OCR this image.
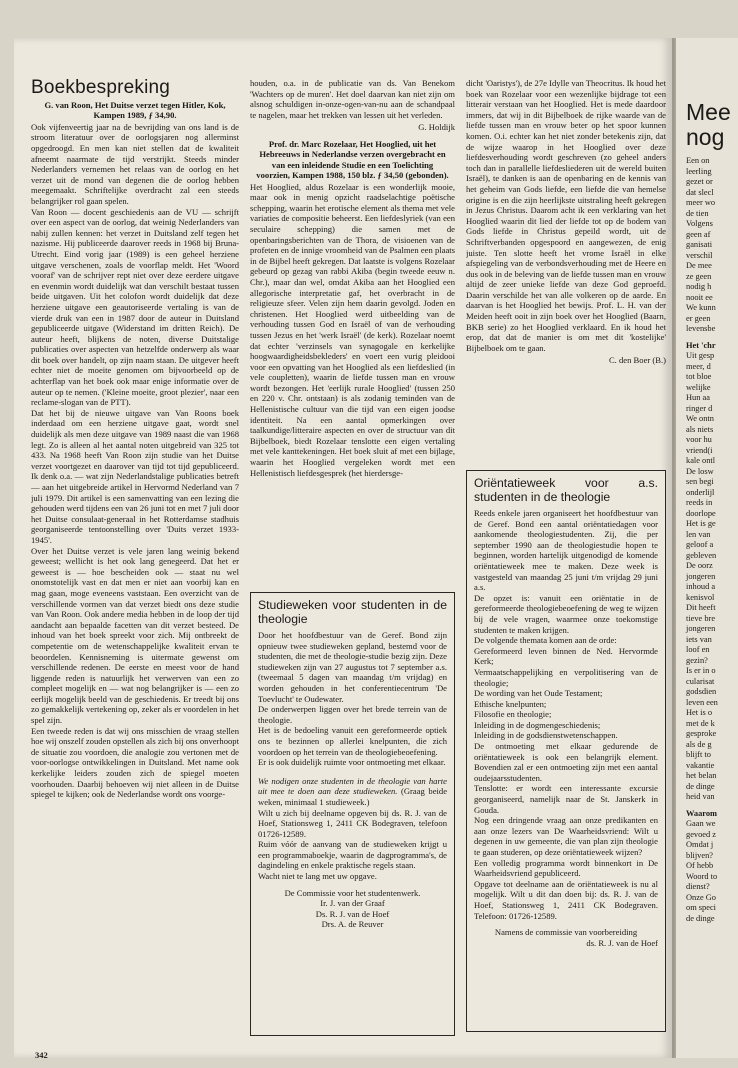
Boekbespreking
G. van Roon, Het Duitse verzet tegen Hitler, Kok, Kampen 1989, ƒ 34,90.

Ook vijfenveertig jaar na de bevrijding van ons land is de stroom literatuur over de oorlogsjaren nog allerminst opgedroogd. En men kan niet stellen dat de kwaliteit afneemt naarmate de tijd verstrijkt. Steeds minder Nederlanders vernemen het relaas van de oorlog en het verzet uit de mond van degenen die de oorlog hebben meegemaakt. Schriftelijke overdracht zal een steeds belangrijker rol gaan spelen.

Van Roon — docent geschiedenis aan de VU — schrijft over een aspect van de oorlog, dat weinig Nederlanders van nabij zullen kennen: het verzet in Duitsland zelf tegen het nazisme. Hij publiceerde daarover reeds in 1968 bij Bruna-Utrecht. Eind vorig jaar (1989) is een geheel herziene uitgave verschenen, zoals de voorflap meldt. Het 'Woord vooraf' van de schrijver rept niet over deze eerdere uitgave en evenmin wordt duidelijk wat dan verschilt bestaat tussen beide uitgaven. Uit het colofon wordt duidelijk dat deze herziene uitgave een geautoriseerde vertaling is van de vierde druk van een in 1987 door de auteur in Duitsland gepubliceerde uitgave (Widerstand im dritten Reich). De auteur heeft, blijkens de noten, diverse Duitstalige publicaties over aspecten van hetzelfde onderwerp als waar dit boek over handelt, op zijn naam staan. De uitgever heeft echter niet de moeite genomen om bijvoorbeeld op de achterflap van het boek ook maar enige informatie over de auteur op te nemen. ('Kleine moeite, groot plezier', naar een reclame-slogan van de PTT).

Dat het bij de nieuwe uitgave van Van Roons boek inderdaad om een herziene uitgave gaat, wordt snel duidelijk als men deze uitgave van 1989 naast die van 1968 legt. Zo is alleen al het aantal noten uitgebreid van 325 tot 433. Na 1968 heeft Van Roon zijn studie van het Duitse verzet voortgezet en daarover van tijd tot tijd gepubliceerd. Ik denk o.a. — wat zijn Nederlandstalige publicaties betreft — aan het uitgebreide artikel in Hervormd Nederland van 7 juli 1979. Dit artikel is een samenvatting van een lezing die gehouden werd tijdens een van 26 juni tot en met 7 juli door het Duitse consulaat-generaal in het Rotterdamse stadhuis georganiseerde tentoonstelling over 'Duits verzet 1933-1945'.

Over het Duitse verzet is vele jaren lang weinig bekend geweest; wellicht is het ook lang genegeerd. Dat het er geweest is — hoe bescheiden ook — staat nu wel onomstotelijk vast en dat men er niet aan voorbij kan en mag gaan, moge eveneens vaststaan. Een overzicht van de verschillende vormen van dat verzet biedt ons deze studie van Van Roon. Ook andere media hebben in de loop der tijd aandacht aan bepaalde facetten van dit verzet besteed. De inhoud van het boek spreekt voor zich. Mij ontbreekt de competentie om de wetenschappelijke kwaliteit ervan te beoordelen. Kennisneming is uitermate gewenst om verschillende redenen. De eerste en meest voor de hand liggende reden is natuurlijk het verwerven van een zo compleet mogelijk en — wat nog belangrijker is — een zo eerlijk mogelijk beeld van de geschiedenis. Er treedt bij ons zo gemakkelijk vertekening op, zeker als er voordelen in het spel zijn.

Een tweede reden is dat wij ons misschien de vraag stellen hoe wij onszelf zouden opstellen als zich bij ons onverhoopt de situatie zou voordoen, die analogie zou vertonen met de voor-oorlogse ontwikkelingen in Duitsland. Met name ook kerkelijke leiders zouden zich de spiegel moeten voorhouden. Daarbij behoeven wij niet alleen in de Duitse spiegel te kijken; ook de Nederlandse wordt ons voorge-

houden, o.a. in de publicatie van ds. Van Benekom 'Wachters op de muren'. Het doel daarvan kan niet zijn om alsnog schuldigen in-onze-ogen-van-nu aan de schandpaal te nagelen, maar het trekken van lessen uit het verleden.

G. Holdijk
Prof. dr. Marc Rozelaar, Het Hooglied, uit het Hebreeuws in Nederlandse verzen overgebracht en van een inleidende Studie en een Toelichting voorzien, Kampen 1988, 150 blz. ƒ 34,50 (gebonden).

Het Hooglied, aldus Rozelaar is een wonderlijk mooie, maar ook in menig opzicht raadselachtige poëtische schepping, waarin het erotische element als thema met vele variaties de compositie beheerst. Een liefdeslyriek (van een seculaire schepping) die samen met de openbaringsberichten van de Thora, de visioenen van de profeten en de innige vroomheid van de Psalmen een plaats in de Bijbel heeft gekregen. Dat laatste is volgens Rozelaar gebeurd op gezag van rabbi Akiba (begin tweede eeuw n. Chr.), maar dan wel, omdat Akiba aan het Hooglied een allegorische interpretatie gaf, het overbracht in de religieuze sfeer. Velen zijn hem daarin gevolgd. Joden en christenen. Het Hooglied werd uitbeelding van de verhouding tussen God en Israël of van de verhouding tussen Jezus en het 'werk Israël' (de kerk). Rozelaar noemt dat echter 'verzinsels van synagogale en kerkelijke hoogwaardigheidsbekleders' en voert een vurig pleidooi voor een opvatting van het Hooglied als een liefdeslied (in vele coupletten), waarin de liefde tussen man en vrouw wordt bezongen. Het 'eerlijk rurale Hooglied' (tussen 250 en 220 v. Chr. ontstaan) is als zodanig teminden van de Hellenistische cultuur van die tijd van een eigen joodse identiteit. Na een aantal opmerkingen over taalkundige/litteraire aspecten en over de structuur van dit Bijbelboek, biedt Rozelaar tenslotte een eigen vertaling met vele kanttekeningen. Het boek sluit af met een bijlage, waarin het Hooglied vergeleken wordt met een Hellenistisch liefdesgesprek (het hierdersge-

Studieweken voor studenten in de theologie

Door het hoofdbestuur van de Geref. Bond zijn opnieuw twee studieweken gepland, bestemd voor de studenten, die met de theologie-studie bezig zijn. Deze studieweken zijn van 27 augustus tot 7 september a.s. (tweemaal 5 dagen van maandag t/m vrijdag) en worden gehouden in het conferentiecentrum 'De Toevlucht' te Oudewater.

De onderwerpen liggen over het brede terrein van de theologie.

Het is de bedoeling vanuit een gereformeerde optiek ons te bezinnen op allerlei knelpunten, die zich voordoen op het terrein van de theologiebeoefening.

Er is ook duidelijk ruimte voor ontmoeting met elkaar.

We nodigen onze studenten in de theologie van harte uit mee te doen aan deze studieweken. (Graag beide weken, minimaal 1 studieweek.)

Wilt u zich bij deelname opgeven bij ds. R. J. van de Hoef, Stationsweg 1, 2411 CK Bodegraven, telefoon 01726-12589.

Ruim vóór de aanvang van de studieweken krijgt u een programmaboekje, waarin de dagprogramma's, de dagindeling en enkele praktische regels staan.

Wacht niet te lang met uw opgave.

De Commissie voor het studentenwerk.
Ir. J. van der Graaf
Ds. R. J. van de Hoef
Drs. A. de Reuver

dicht 'Oaristys'), de 27e Idylle van Theocritus. Ik houd het boek van Rozelaar voor een wezenlijke bijdrage tot een litterair verstaan van het Hooglied. Het is mede daardoor immers, dat wij in dit Bijbelboek de rijke waarde van de liefde tussen man en vrouw beter op het spoor kunnen komen. O.i. echter kan het niet zonder betekenis zijn, dat de wijze waarop in het Hooglied over deze liefdesverhouding wordt geschreven (zo geheel anders toch dan in parallelle liefdesliederen uit de wereld buiten Israël), te danken is aan de openbaring en de kennis van het geheim van Gods liefde, een liefde die van hemelse origine is en die zijn heerlijkste uitstraling heeft gekregen in Jezus Christus. Daarom acht ik een verklaring van het Hooglied waarin dit lied der liefde tot op de bodem van Gods liefde in Christus gepeild wordt, uit de Schriftverbanden opgespoord en aangewezen, de enig juiste. Ten slotte heeft het vrome Israël in elke afspiegeling van de verbondsverhouding met de Heere en dus ook in de beleving van de liefde tussen man en vrouw altijd de zeer unieke liefde van deze God geproefd. Daarin verschilde het van alle volkeren op de aarde. En daarvan is het Hooglied het bewijs. Prof. L. H. van der Meiden heeft ooit in zijn boek over het Hooglied (Baarn, BKB serie) zo het Hooglied verklaard. En ik houd het erop, dat dat de manier is om met dit 'kostelijke' Bijbelboek om te gaan.

C. den Boer (B.)
Oriëntatieweek voor a.s. studenten in de theologie

Reeds enkele jaren organiseert het hoofdbestuur van de Geref. Bond een aantal oriëntatiedagen voor aankomende theologiestudenten. Zij, die per september 1990 aan de theologiestudie hopen te beginnen, worden hartelijk uitgenodigd de komende oriëntatieweek mee te maken. Deze week is vastgesteld van maandag 25 juni t/m vrijdag 29 juni a.s.

De opzet is: vanuit een oriëntatie in de gereformeerde theologiebeoefening de weg te wijzen bij de vele vragen, waarmee onze toekomstige studenten te maken krijgen.

De volgende themata komen aan de orde:

Gereformeerd leven binnen de Ned. Hervormde Kerk;

Vermaatschappelijking en verpolitisering van de theologie;

De wording van het Oude Testament;

Ethische knelpunten;

Filosofie en theologie;

Inleiding in de dogmengeschiedenis;

Inleiding in de godsdienstwetenschappen.

De ontmoeting met elkaar gedurende de oriëntatieweek is ook een belangrijk element. Bovendien zal er een ontmoeting zijn met een aantal oudejaarsstudenten.

Tenslotte: er wordt een interessante excursie georganiseerd, namelijk naar de St. Janskerk in Gouda.

Nog een dringende vraag aan onze predikanten en aan onze lezers van De Waarheidsvriend: Wilt u degenen in uw gemeente, die van plan zijn theologie te gaan studeren, op deze oriëntatieweek wijzen?

Een volledig programma wordt binnenkort in De Waarheidsvriend gepubliceerd.

Opgave tot deelname aan de oriëntatieweek is nu al mogelijk. Wilt u dit dan doen bij: ds. R. J. van de Hoef, Stationsweg 1, 2411 CK Bodegraven. Telefoon: 01726-12589.

Namens de commissie van voorbereiding
ds. R. J. van de Hoef
342
Mee
nog
Een on
leerling
gezet or
dat slecl
meer wo
de tien
Volgens
geen af
ganisati
verschil
De mee
ze geen
nodig h
nooit ee
We kunn
er geen
levensbe
Het 'chr
Uit gesp
meer, d
tot bloe
welijke
Hun aa
ringer d
We ontn
als niets
voor hu
vriend(i
kale ontl
De losw
sen begi
onderlijl
reeds in
doorlope
Het is ge
len van
geloof a
gebleven
De oorz
jongeren
inhoud a
kenisvol
Dit heeft
tieve bre
jongeren
iets van
loof en
gezin?
Is er in o
cularisat
godsdien
leven een
Het is o
met de k
gesproke
als de g
blijft to
vakantie
het belan
de dinge
heid van
Waarom
Gaan we
gevoed z
Omdat j
blijven?
Of hebb
Woord to
dienst?
Onze Go
om speci
de dinge
